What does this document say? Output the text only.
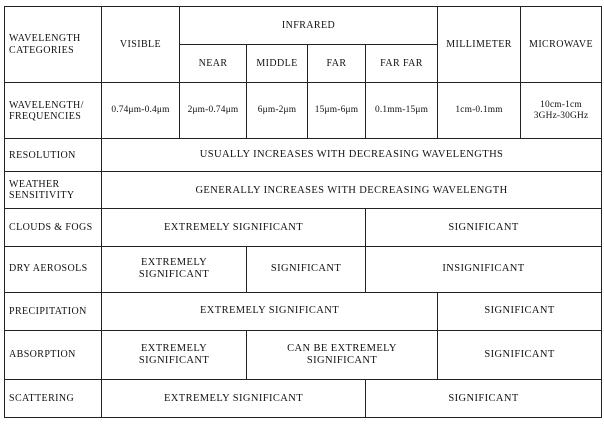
WAVELENGTH
CATEGORIES	VISIBLE	INFRARED				MILLIMETER	MICROWAVE
		NEAR	MIDDLE	FAR	FAR FAR		

WAVELENGTH/
FREQUENCIES	0.74μm-0.4μm	2μm-0.74μm	6μm-2μm	15μm-6μm	0.1mm-15μm	1cm-0.1mm	10cm-1cm
3GHz-30GHz

RESOLUTION	USUALLY INCREASES WITH DECREASING WAVELENGTHS						

WEATHER
SENSITIVITY	GENERALLY INCREASES WITH DECREASING WAVELENGTH						
CLOUDS & FOGS	EXTREMELY SIGNIFICANT				SIGNIFICANT		
DRY AEROSOLS	EXTREMELY
SIGNIFICANT		SIGNIFICANT		INSIGNIFICANT		
PRECIPITATION	EXTREMELY SIGNIFICANT					SIGNIFICANT	
ABSORPTION	EXTREMELY
SIGNIFICANT		CAN BE EXTREMELY
SIGNIFICANT			SIGNIFICANT	
SCATTERING	EXTREMELY SIGNIFICANT				SIGNIFICANT		
